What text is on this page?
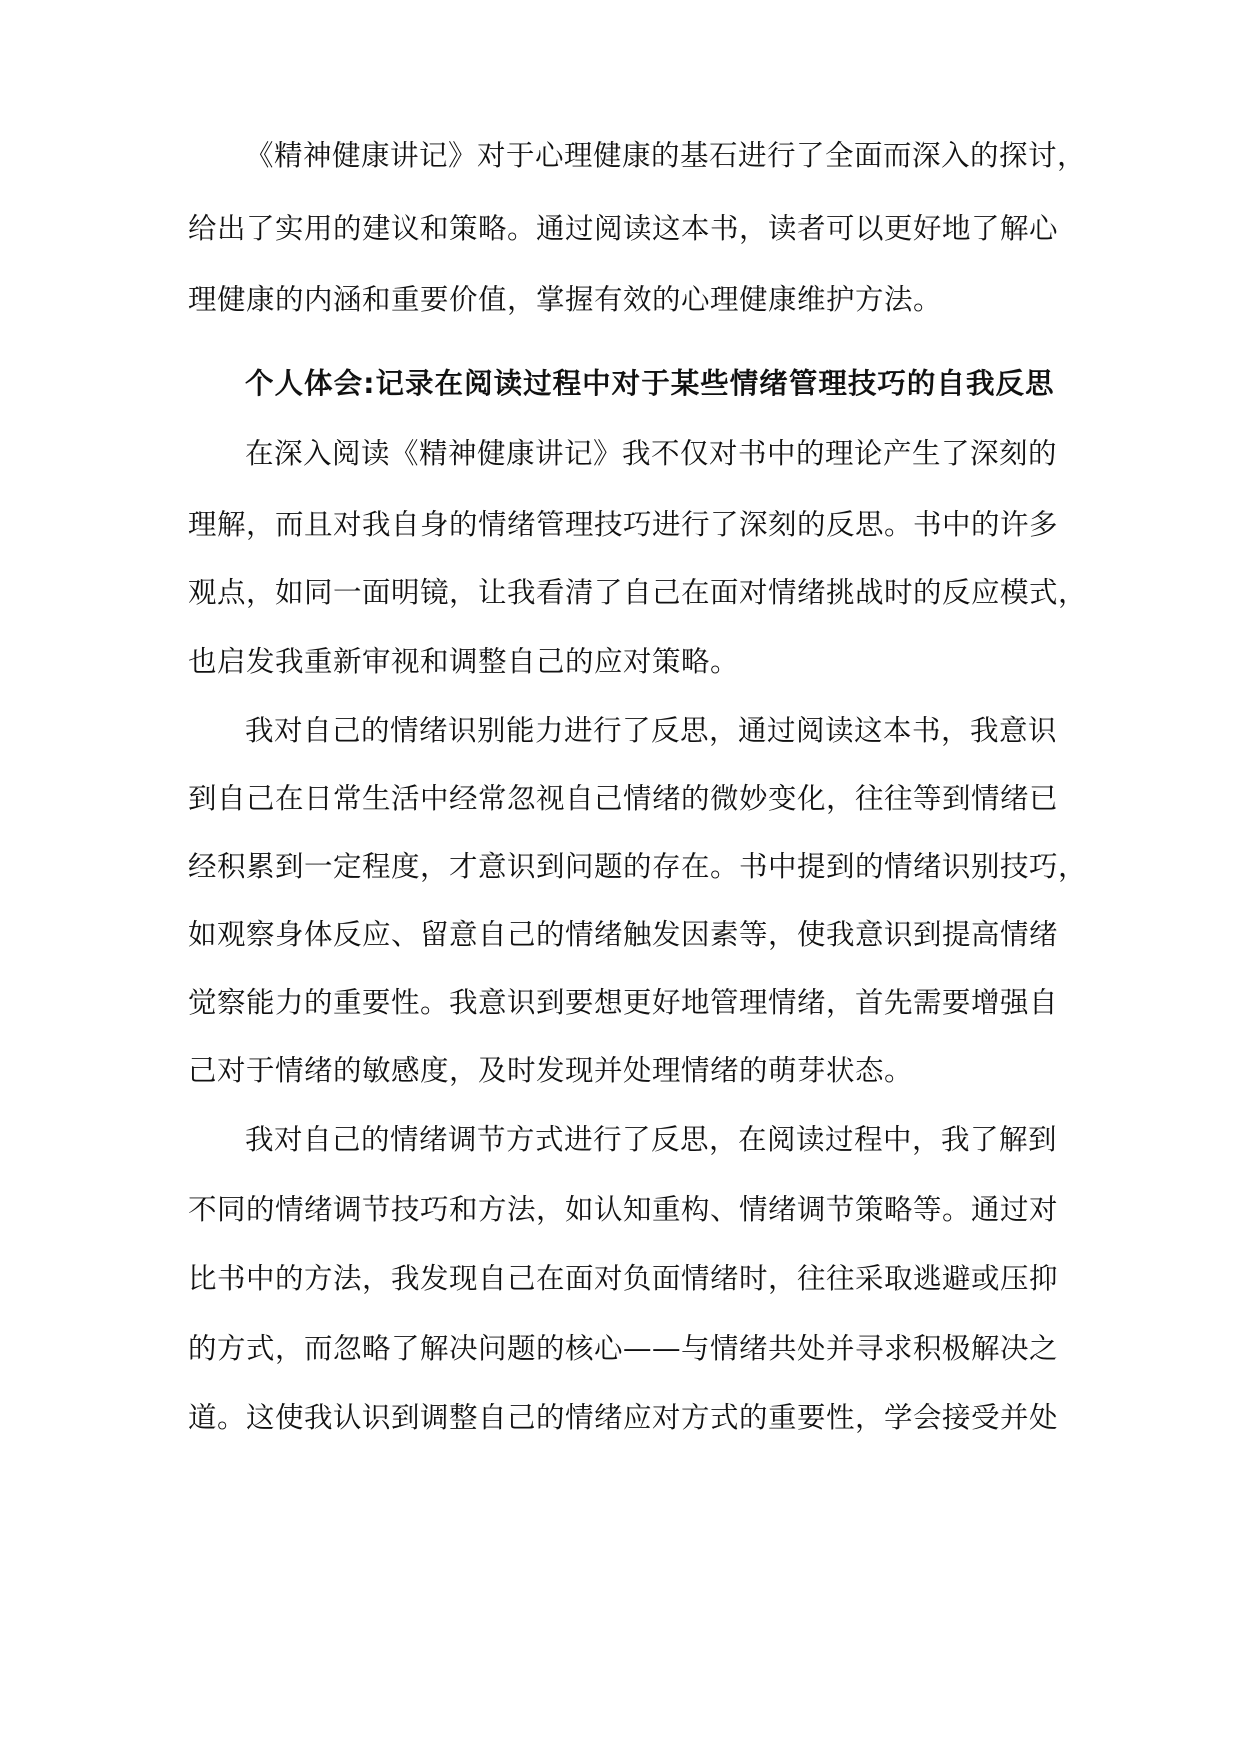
《精神健康讲记》对于心理健康的基石进行了全面而深入的探讨，
给出了实用的建议和策略。通过阅读这本书，读者可以更好地了解心
理健康的内涵和重要价值，掌握有效的心理健康维护方法。
个人体会:记录在阅读过程中对于某些情绪管理技巧的自我反思
在深入阅读《精神健康讲记》我不仅对书中的理论产生了深刻的
理解，而且对我自身的情绪管理技巧进行了深刻的反思。书中的许多
观点，如同一面明镜，让我看清了自己在面对情绪挑战时的反应模式，
也启发我重新审视和调整自己的应对策略。
我对自己的情绪识别能力进行了反思，通过阅读这本书，我意识
到自己在日常生活中经常忽视自己情绪的微妙变化，往往等到情绪已
经积累到一定程度，才意识到问题的存在。书中提到的情绪识别技巧，
如观察身体反应、留意自己的情绪触发因素等，使我意识到提高情绪
觉察能力的重要性。我意识到要想更好地管理情绪，首先需要增强自
己对于情绪的敏感度，及时发现并处理情绪的萌芽状态。
我对自己的情绪调节方式进行了反思，在阅读过程中，我了解到
不同的情绪调节技巧和方法，如认知重构、情绪调节策略等。通过对
比书中的方法，我发现自己在面对负面情绪时，往往采取逃避或压抑
的方式，而忽略了解决问题的核心——与情绪共处并寻求积极解决之
道。这使我认识到调整自己的情绪应对方式的重要性，学会接受并处
